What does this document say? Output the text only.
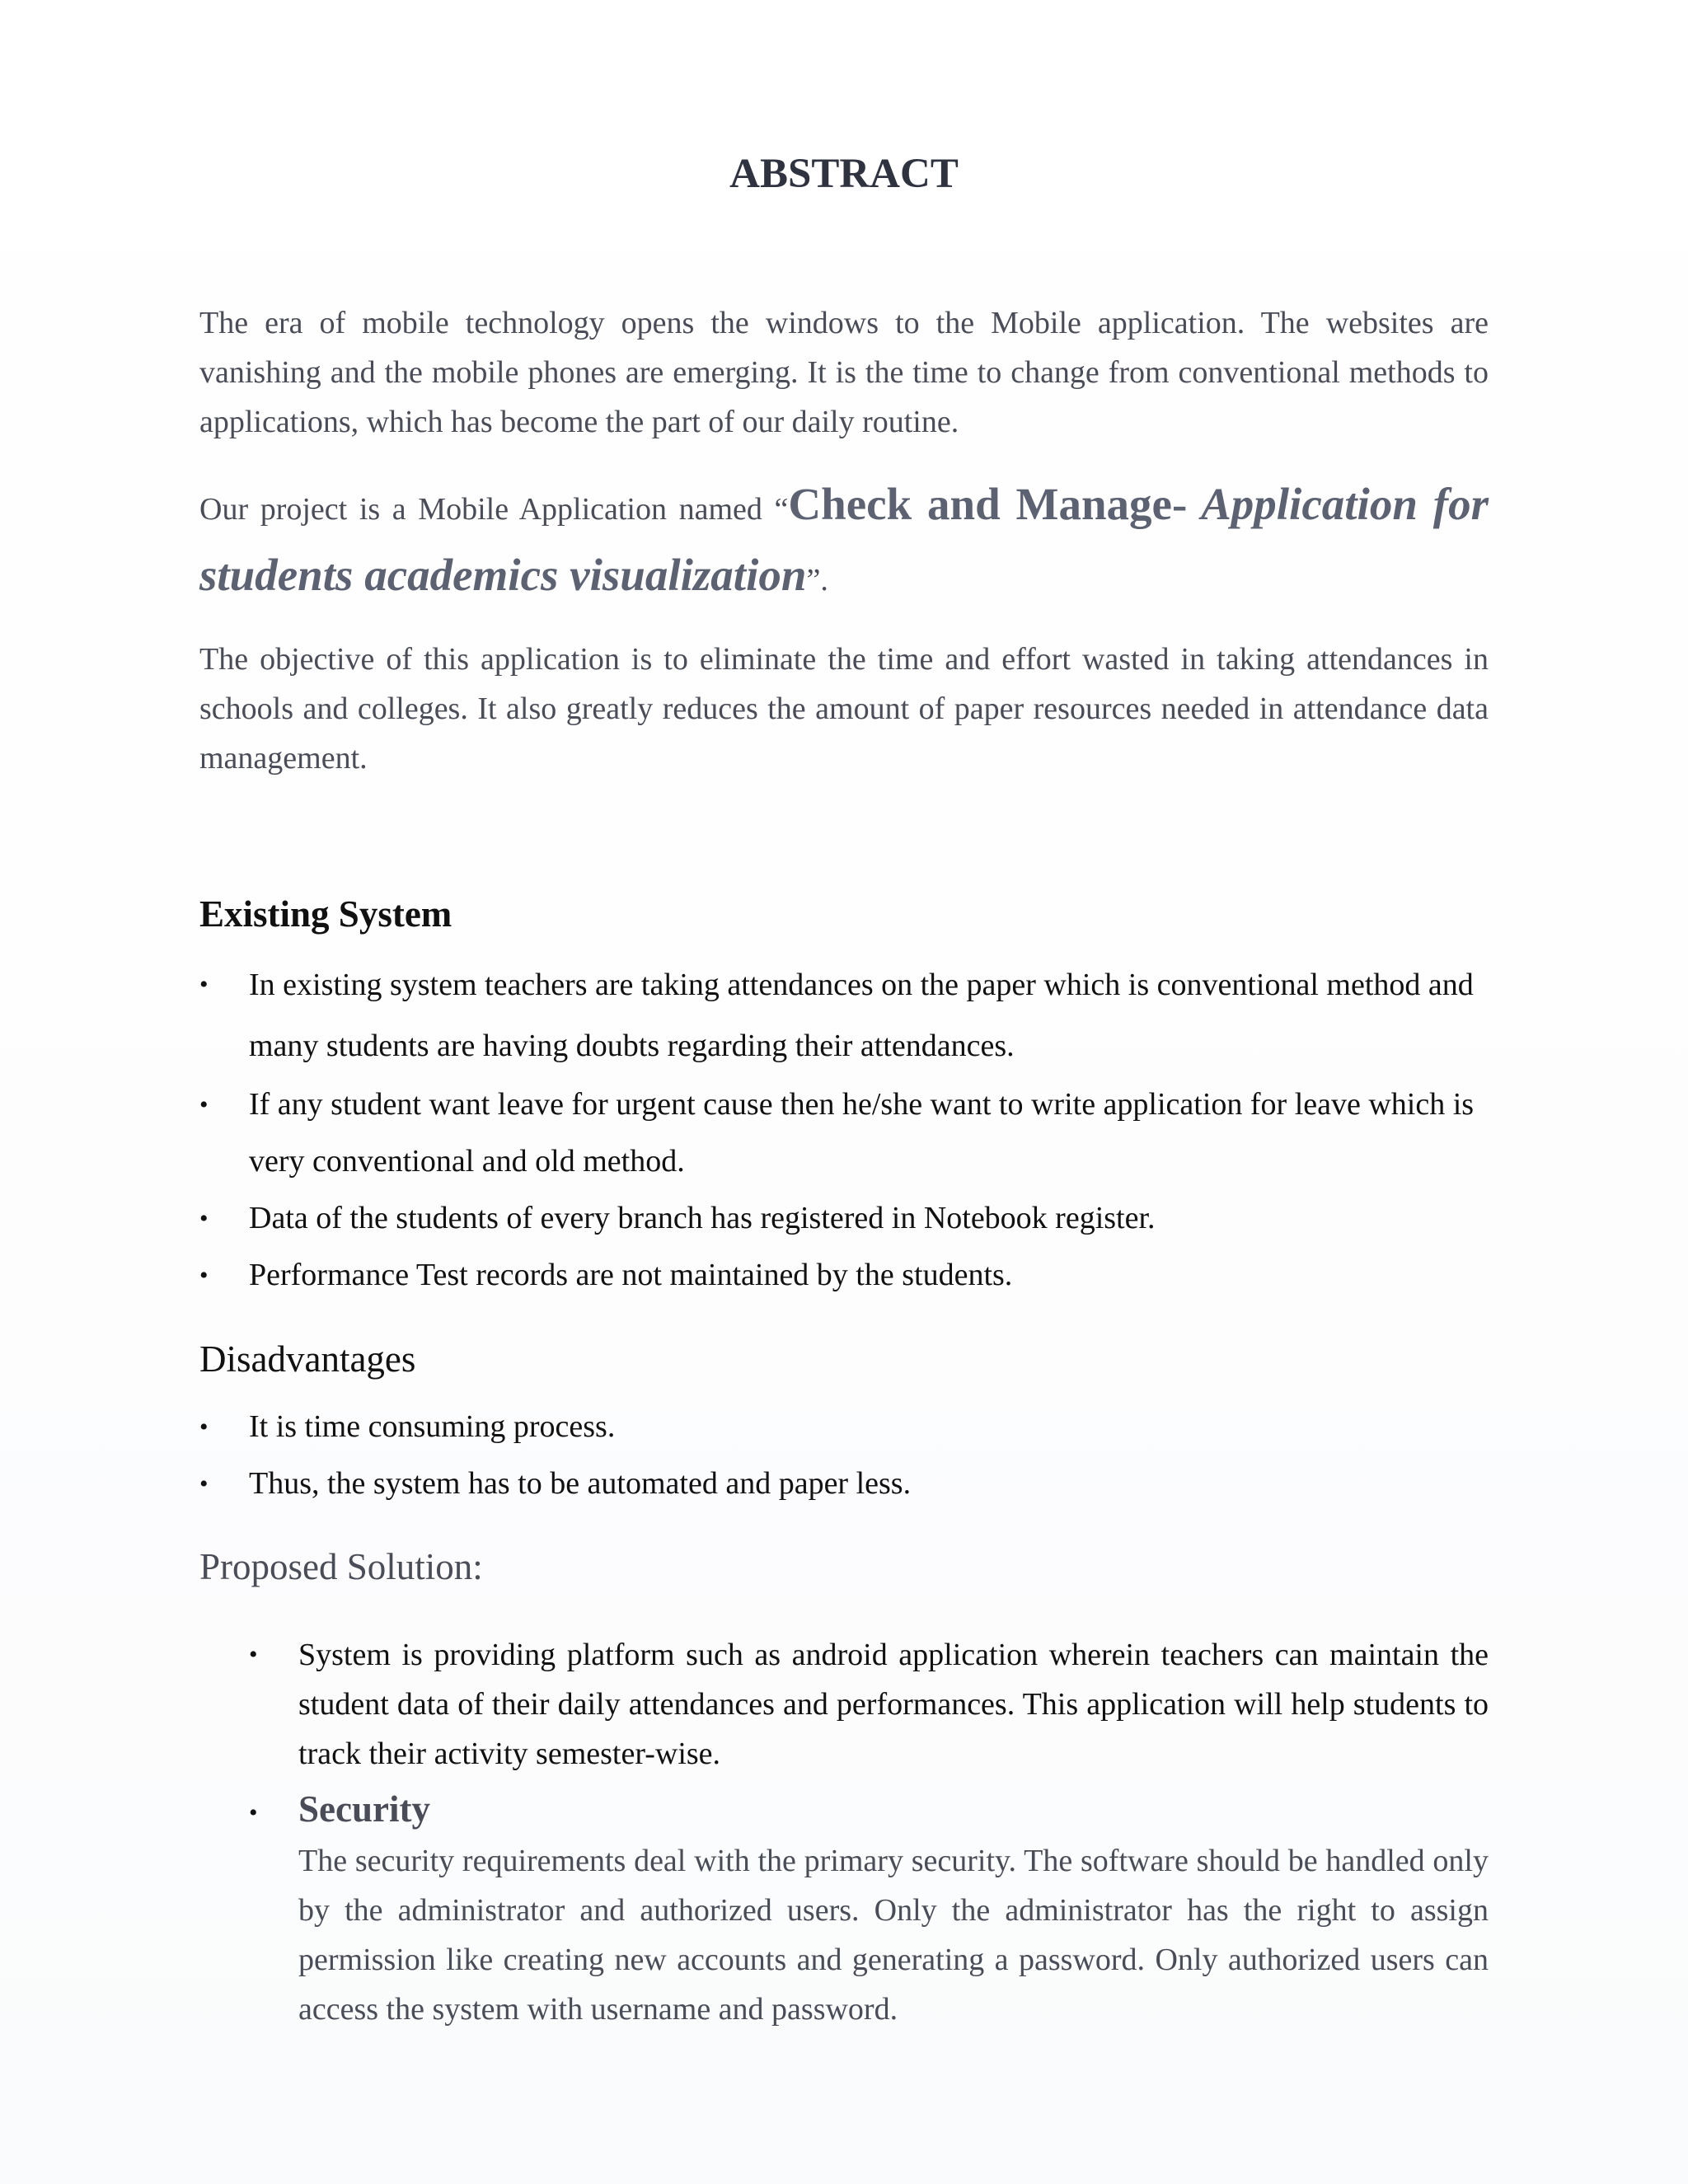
ABSTRACT

The era of mobile technology opens the windows to the Mobile application. The websites are vanishing and the mobile phones are emerging. It is the time to change from conventional methods to applications, which has become the part of our daily routine.

Our project is a Mobile Application named “Check and Manage- Application for students academics visualization”.

The objective of this application is to eliminate the time and effort wasted in taking attendances in schools and colleges. It also greatly reduces the amount of paper resources needed in attendance data management.

Existing System
• In existing system teachers are taking attendances on the paper which is conventional method and many students are having doubts regarding their attendances.
• If any student want leave for urgent cause then he/she want to write application for leave which is very conventional and old method.
• Data of the students of every branch has registered in Notebook register.
• Performance Test records are not maintained by the students.
Disadvantages
• It is time consuming process.
• Thus, the system has to be automated and paper less.
Proposed Solution:
• System is providing platform such as android application wherein teachers can maintain the student data of their daily attendances and performances. This application will help students to track their activity semester-wise.
• Security
The security requirements deal with the primary security. The software should be handled only by the administrator and authorized users. Only the administrator has the right to assign permission like creating new accounts and generating a password. Only authorized users can access the system with username and password.
